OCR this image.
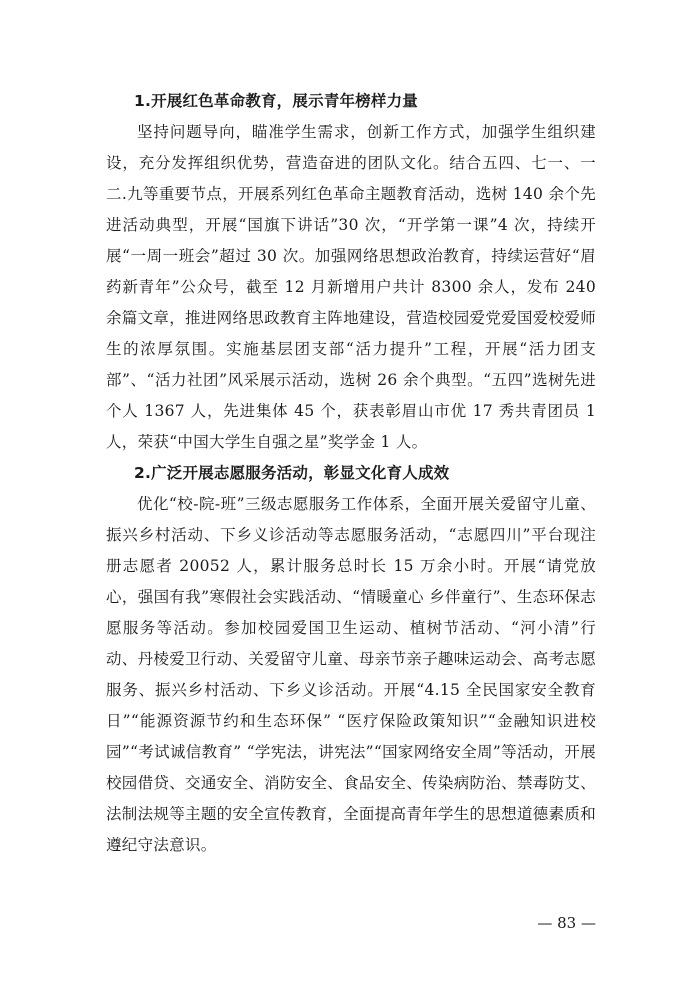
1.开展红色革命教育，展示青年榜样力量

坚持问题导向，瞄准学生需求，创新工作方式，加强学生组织建设，充分发挥组织优势，营造奋进的团队文化。结合五四、七一、一二.九等重要节点，开展系列红色革命主题教育活动，选树 140 余个先进活动典型，开展“国旗下讲话”30 次，“开学第一课”4 次，持续开展“一周一班会”超过 30 次。加强网络思想政治教育，持续运营好“眉药新青年”公众号，截至 12 月新增用户共计 8300 余人，发布 240 余篇文章，推进网络思政教育主阵地建设，营造校园爱党爱国爱校爱师生的浓厚氛围。实施基层团支部“活力提升”工程，开展“活力团支部”、“活力社团”风采展示活动，选树 26 余个典型。“五四”选树先进个人 1367 人，先进集体 45 个，获表彰眉山市优 17 秀共青团员 1 人，荣获“中国大学生自强之星”奖学金 1 人。

2.广泛开展志愿服务活动，彰显文化育人成效

优化“校-院-班”三级志愿服务工作体系，全面开展关爱留守儿童、振兴乡村活动、下乡义诊活动等志愿服务活动，“志愿四川”平台现注册志愿者 20052 人，累计服务总时长 15 万余小时。开展“请党放心，强国有我”寒假社会实践活动、“情暖童心 乡伴童行”、生态环保志愿服务等活动。参加校园爱国卫生运动、植树节活动、“河小清”行动、丹棱爱卫行动、关爱留守儿童、母亲节亲子趣味运动会、高考志愿服务、振兴乡村活动、下乡义诊活动。开展“4.15 全民国家安全教育日”“能源资源节约和生态环保” “医疗保险政策知识”“金融知识进校园”“考试诚信教育” “学宪法，讲宪法”“国家网络安全周”等活动，开展校园借贷、交通安全、消防安全、食品安全、传染病防治、禁毒防艾、法制法规等主题的安全宣传教育，全面提高青年学生的思想道德素质和遵纪守法意识。

— 83 —
